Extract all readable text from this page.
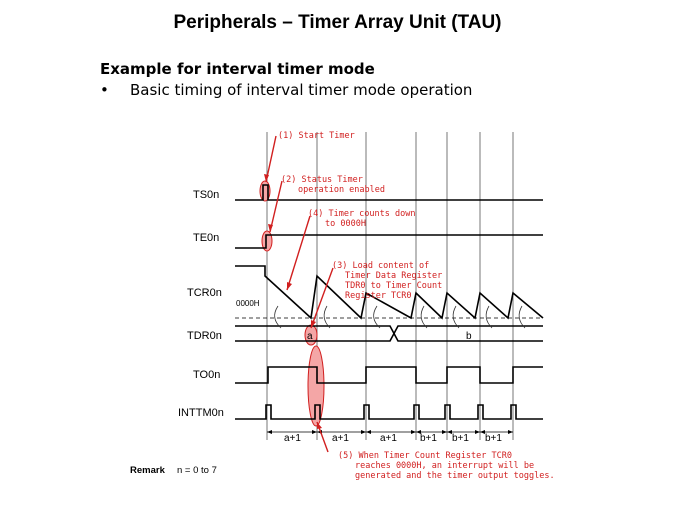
Peripherals – Timer Array Unit (TAU)
Example for interval timer mode
• Basic timing of interval timer mode operation
TS0n
TE0n
TCR0n
TDR0n
TO0n
INTTM0n
0000H
a	b
a+1	a+1	a+1 b+1 b+1 b+1
(1) Start Timer
(2) Status Timer
operation enabled
(4) Timer counts down
to 0000H
(3) Load content of
Timer Data Register
TDR0 to Timer Count
Register TCR0
(5) When Timer Count Register TCR0
reaches 0000H, an interrupt will be
generated and the timer output toggles.
Remark n = 0 to 7
